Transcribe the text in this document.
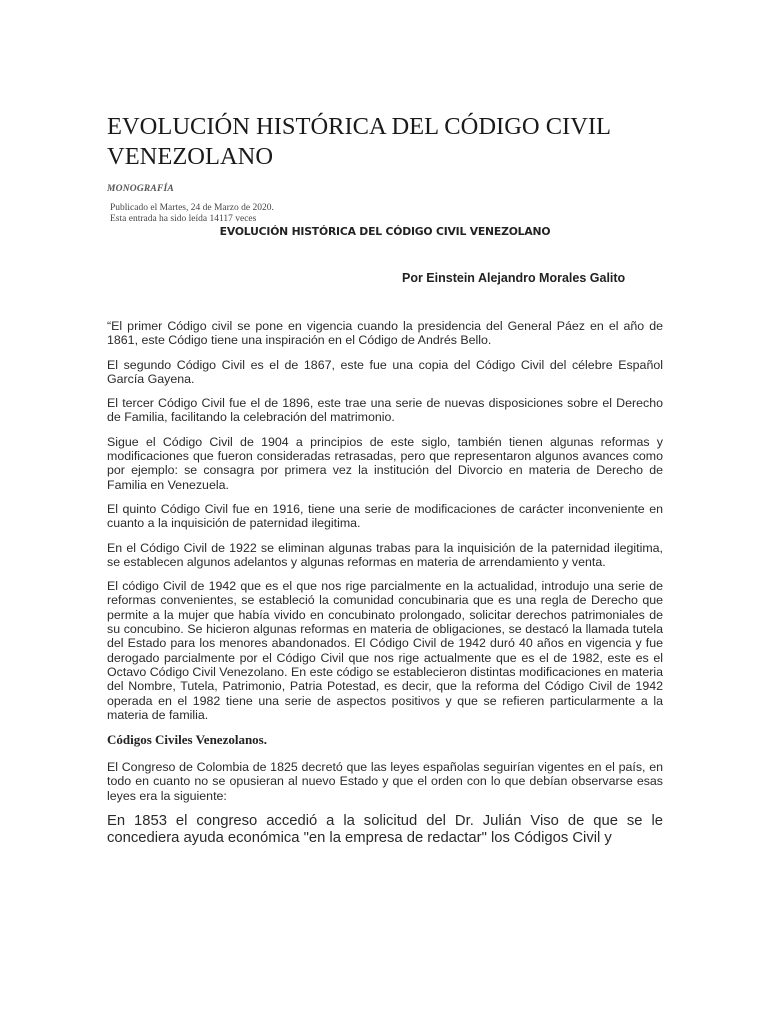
EVOLUCIÓN HISTÓRICA DEL CÓDIGO CIVIL VENEZOLANO
MONOGRAFÍA
Publicado el Martes, 24 de Marzo de 2020.
Esta entrada ha sido leída 14117 veces
EVOLUCIÓN HISTÓRICA DEL CÓDIGO CIVIL VENEZOLANO
Por Einstein Alejandro Morales Galito

“El primer Código civil se pone en vigencia cuando la presidencia del General Páez en el año de 1861, este Código tiene una inspiración en el Código de Andrés Bello.

El segundo Código Civil es el de 1867, este fue una copia del Código Civil del célebre Español García Gayena.

El tercer Código Civil fue el de 1896, este trae una serie de nuevas disposiciones sobre el Derecho de Familia, facilitando la celebración del matrimonio.

Sigue el Código Civil de 1904 a principios de este siglo, también tienen algunas reformas y modificaciones que fueron consideradas retrasadas, pero que representaron algunos avances como por ejemplo: se consagra por primera vez la institución del Divorcio en materia de Derecho de Familia en Venezuela.

El quinto Código Civil fue en 1916, tiene una serie de modificaciones de carácter inconveniente en cuanto a la inquisición de paternidad ilegitima.

En el Código Civil de 1922 se eliminan algunas trabas para la inquisición de la paternidad ilegitima, se establecen algunos adelantos y algunas reformas en materia de arrendamiento y venta.

El código Civil de 1942 que es el que nos rige parcialmente en la actualidad, introdujo una serie de reformas convenientes, se estableció la comunidad concubinaria que es una regla de Derecho que permite a la mujer que había vivido en concubinato prolongado, solicitar derechos patrimoniales de su concubino. Se hicieron algunas reformas en materia de obligaciones, se destacó la llamada tutela del Estado para los menores abandonados. El Código Civil de 1942 duró 40 años en vigencia y fue derogado parcialmente por el Código Civil que nos rige actualmente que es el de 1982, este es el Octavo Código Civil Venezolano. En este código se establecieron distintas modificaciones en materia del Nombre, Tutela, Patrimonio, Patria Potestad, es decir, que la reforma del Código Civil de 1942 operada en el 1982 tiene una serie de aspectos positivos y que se refieren particularmente a la materia de familia.

Códigos Civiles Venezolanos.

El Congreso de Colombia de 1825 decretó que las leyes españolas seguirían vigentes en el país, en todo en cuanto no se opusieran al nuevo Estado y que el orden con lo que debían observarse esas leyes era la siguiente:

En 1853 el congreso accedió a la solicitud del Dr. Julián Viso de que se le concediera ayuda económica "en la empresa de redactar" los Códigos Civil y
